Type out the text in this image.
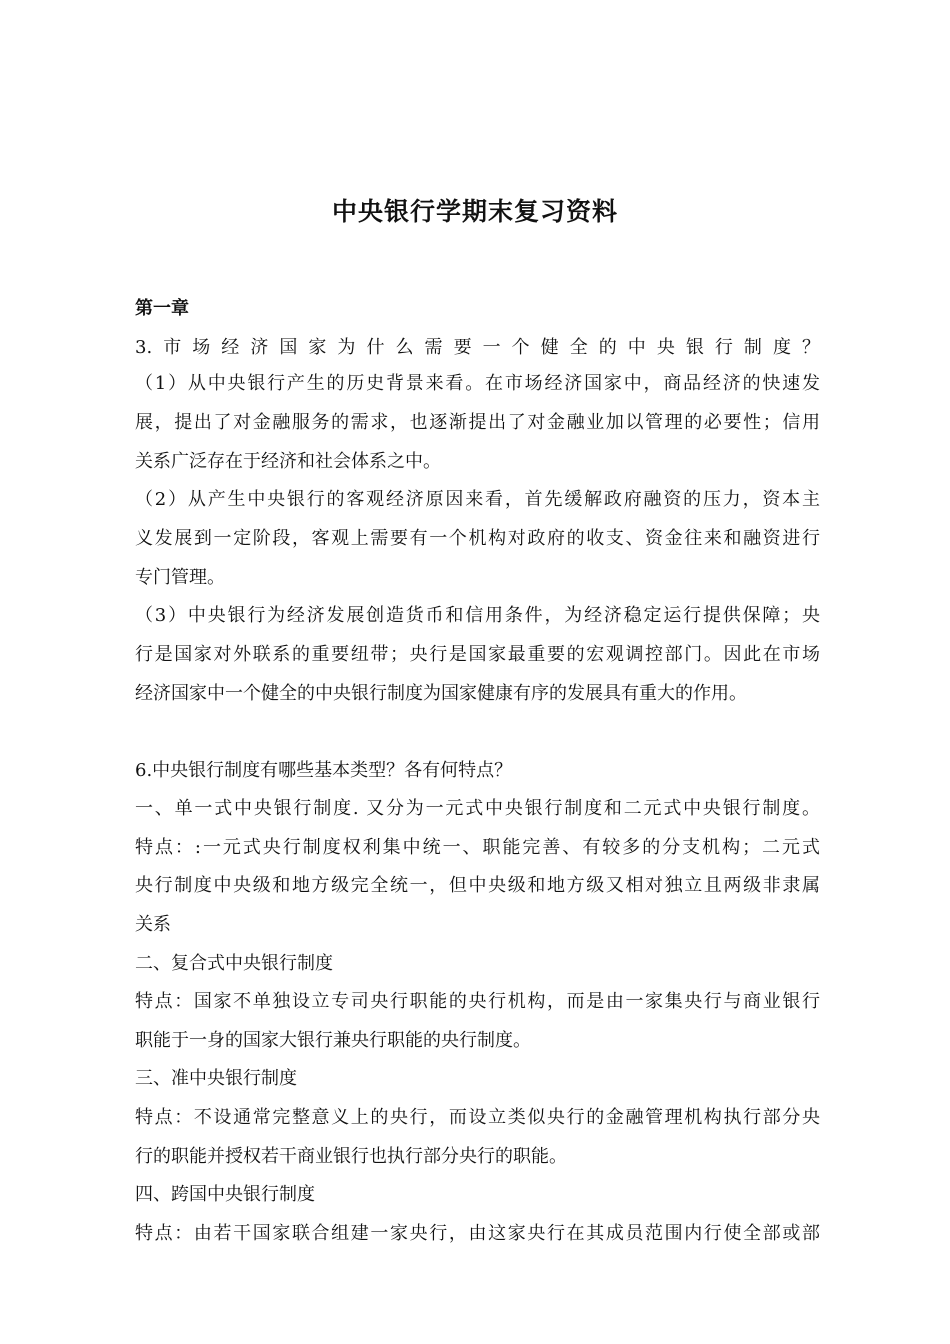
中央银行学期末复习资料
第一章
3.市场经济国家为什么需要一个健全的中央银行制度？
（1）从中央银行产生的历史背景来看。在市场经济国家中，商品经济的快速发
展，提出了对金融服务的需求，也逐渐提出了对金融业加以管理的必要性；信用
关系广泛存在于经济和社会体系之中。
（2）从产生中央银行的客观经济原因来看，首先缓解政府融资的压力，资本主
义发展到一定阶段，客观上需要有一个机构对政府的收支、资金往来和融资进行
专门管理。
（3）中央银行为经济发展创造货币和信用条件，为经济稳定运行提供保障；央
行是国家对外联系的重要纽带；央行是国家最重要的宏观调控部门。因此在市场
经济国家中一个健全的中央银行制度为国家健康有序的发展具有重大的作用。
6.中央银行制度有哪些基本类型？各有何特点？
一、单一式中央银行制度. 又分为一元式中央银行制度和二元式中央银行制度。
特点：:一元式央行制度权利集中统一、职能完善、有较多的分支机构；二元式
央行制度中央级和地方级完全统一，但中央级和地方级又相对独立且两级非隶属
关系
二、复合式中央银行制度
特点：国家不单独设立专司央行职能的央行机构，而是由一家集央行与商业银行
职能于一身的国家大银行兼央行职能的央行制度。
三、准中央银行制度
特点：不设通常完整意义上的央行，而设立类似央行的金融管理机构执行部分央
行的职能并授权若干商业银行也执行部分央行的职能。
四、跨国中央银行制度
特点：由若干国家联合组建一家央行，由这家央行在其成员范围内行使全部或部
